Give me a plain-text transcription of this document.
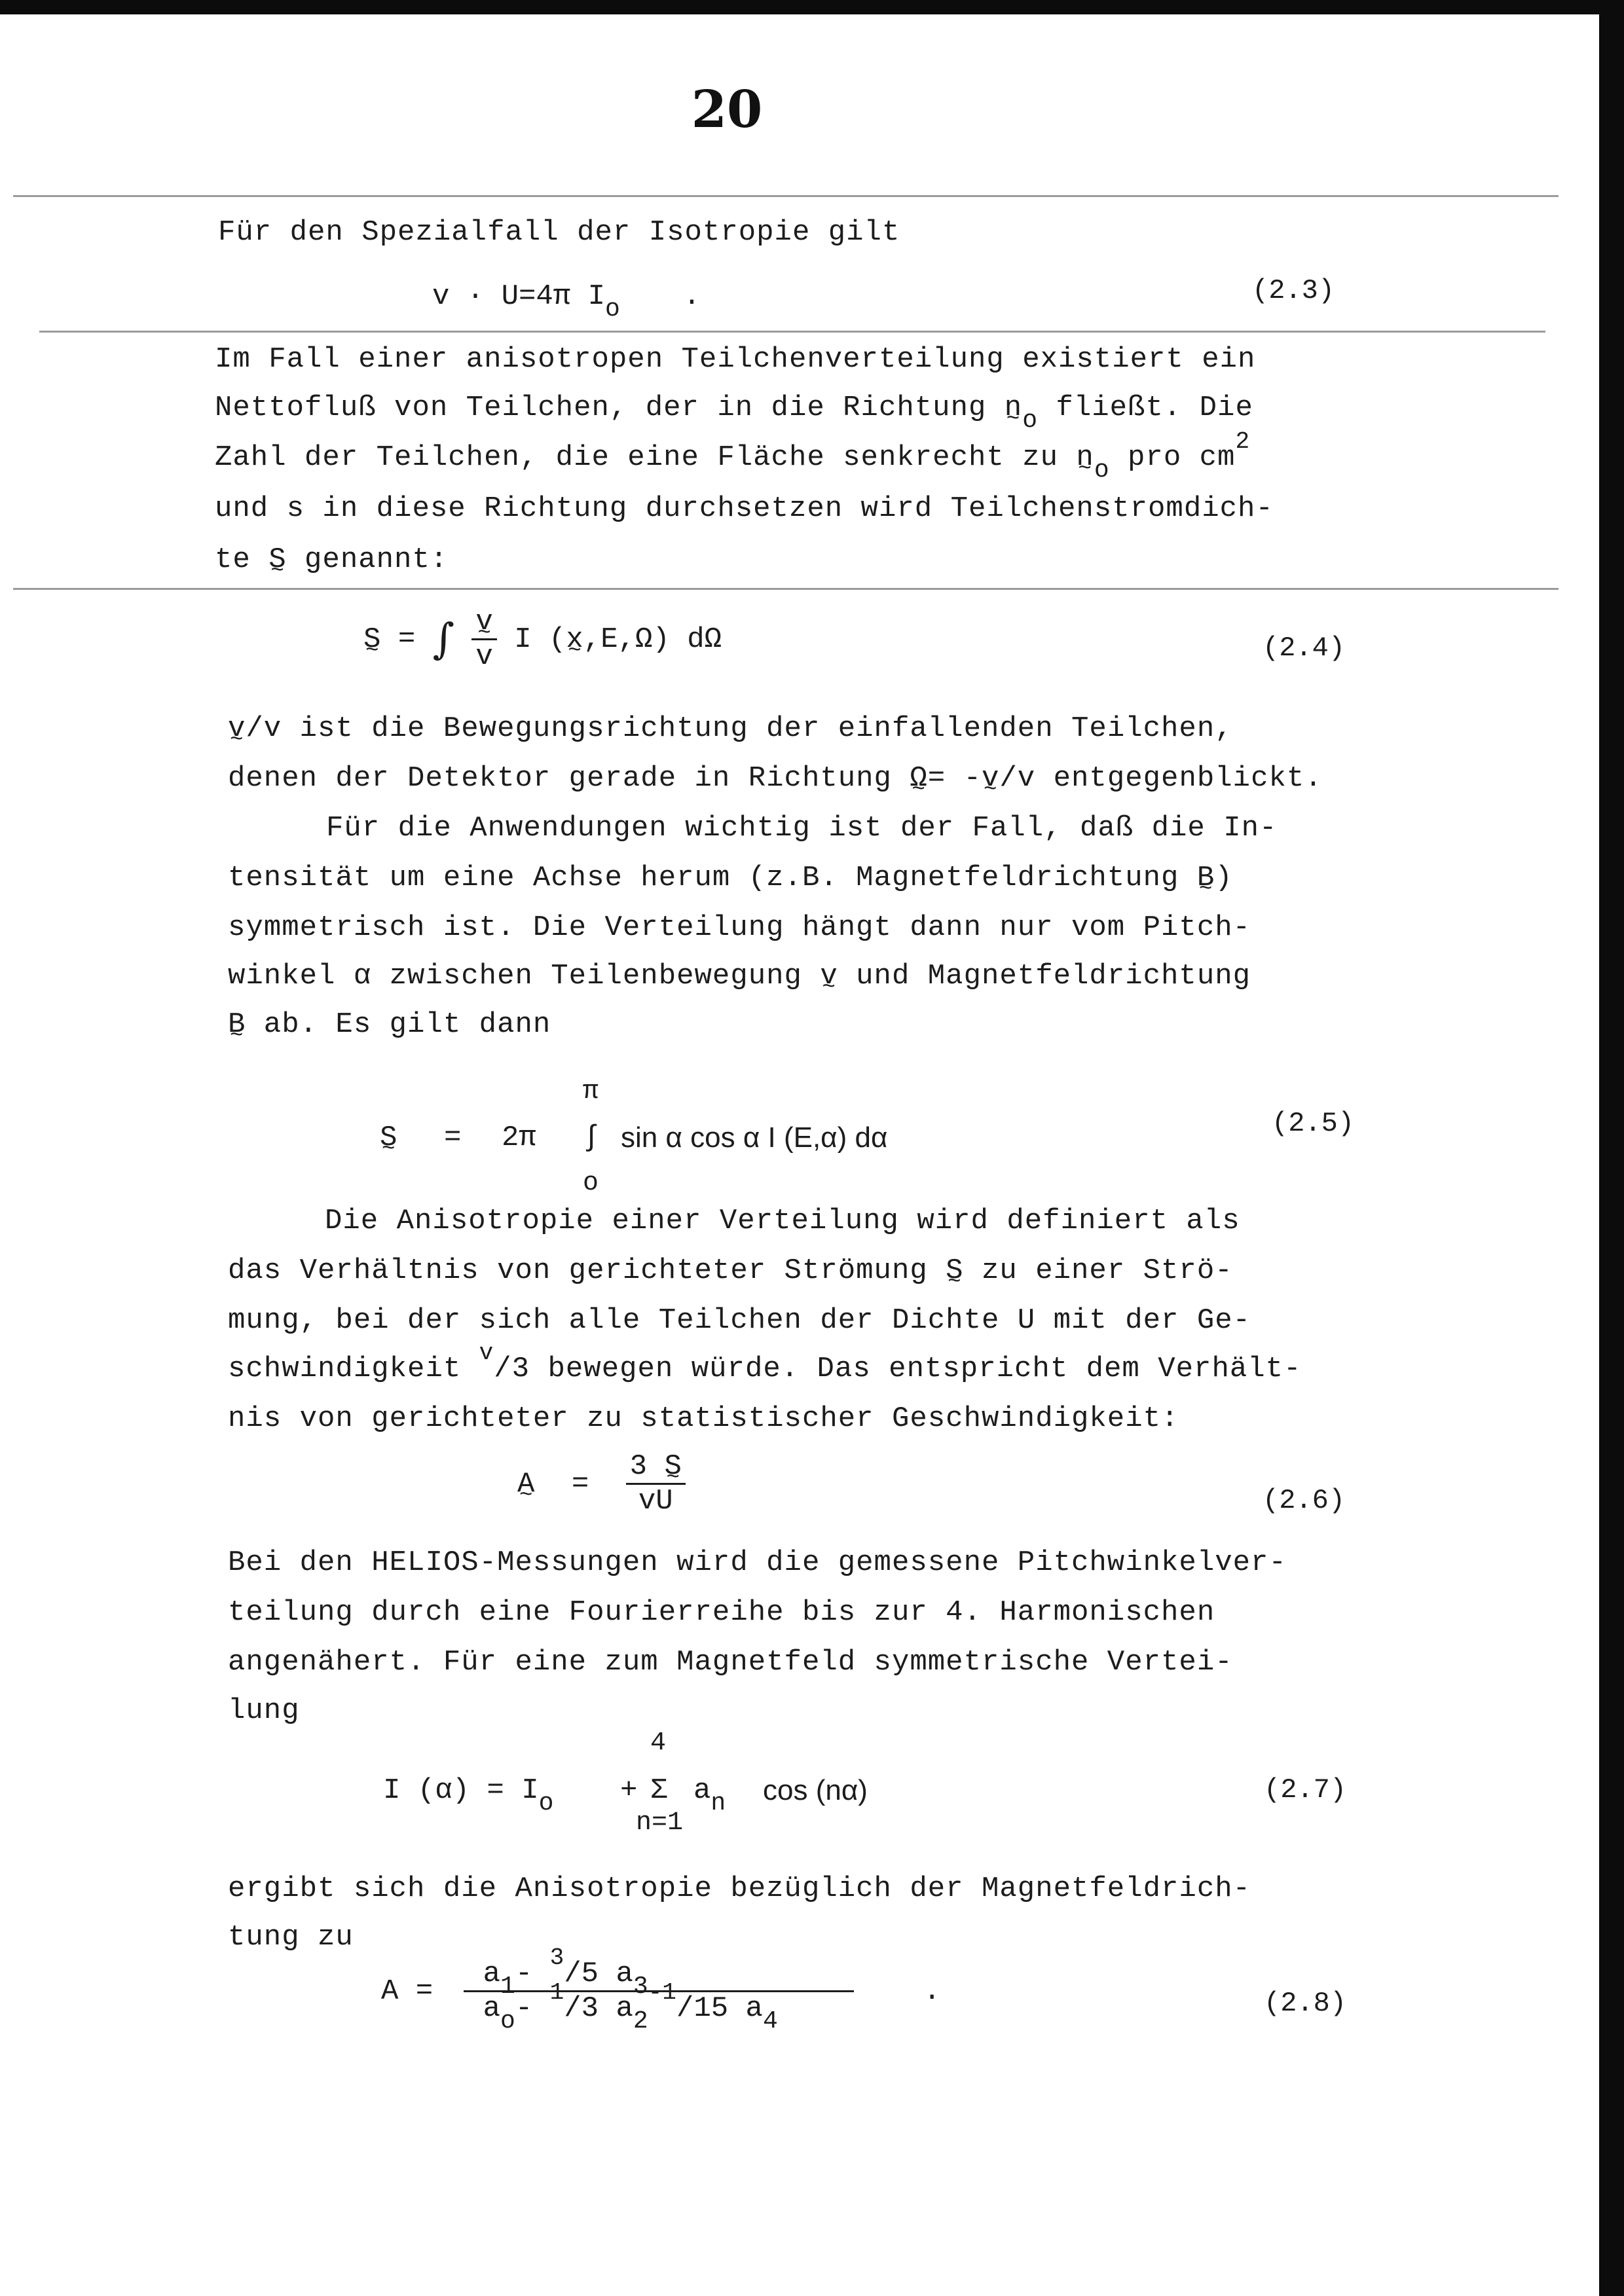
20
Für den Spezialfall der Isotropie gilt
v · U=4π Io .	(2.3)
Im Fall einer anisotropen Teilchenverteilung existiert ein
Nettofluß von Teilchen, der in die Richtung n ~o fließt. Die
Zahl der Teilchen, die eine Fläche senkrecht zu n ~o pro $cm^2$
und s in diese Richtung durchsetzen wird Teilchenstromdich-
te S ~ genannt:
S ~ = ∫ $\frac{v \sim}{v}$ I (x ~,E,Ω) dΩ	(2.4)
v ~/v ist die Bewegungsrichtung der einfallenden Teilchen,
denen der Detektor gerade in Richtung Ω ~= -v ~/v entgegenblickt.
Für die Anwendungen wichtig ist der Fall, daß die In-
tensität um eine Achse herum (z.B. Magnetfeldrichtung B ~)
symmetrisch ist. Die Verteilung hängt dann nur vom Pitch-
winkel α zwischen Teilenbewegung v ~ und Magnetfeldrichtung
B ~ ab. Es gilt dann
S ~ = 2π
π
∫
o
sin α cos α I (E,α) dα	(2.5)
Die Anisotropie einer Verteilung wird definiert als
das Verhältnis von gerichteter Strömung S ~ zu einer Strö-
mung, bei der sich alle Teilchen der Dichte U mit der Ge-
schwindigkeit $^v$/3 bewegen würde. Das entspricht dem Verhält-
nis von gerichteter zu statistischer Geschwindigkeit:
A ~ = $\frac{3 S \sim}{vU}$	(2.6)
Bei den HELIOS-Messungen wird die gemessene Pitchwinkelver-
teilung durch eine Fourierreihe bis zur 4. Harmonischen
angenähert. Für eine zum Magnetfeld symmetrische Vertei-
lung
I (α) = Io +
4
Σ
n=1
an cos (nα)	(2.7)
ergibt sich die Anisotropie bezüglich der Magnetfeldrich-
tung zu
$A = \frac{a1- ^3/5 a3}{ao- ^1/3 a2^{-1}/15 a4}$ .	(2.8)
